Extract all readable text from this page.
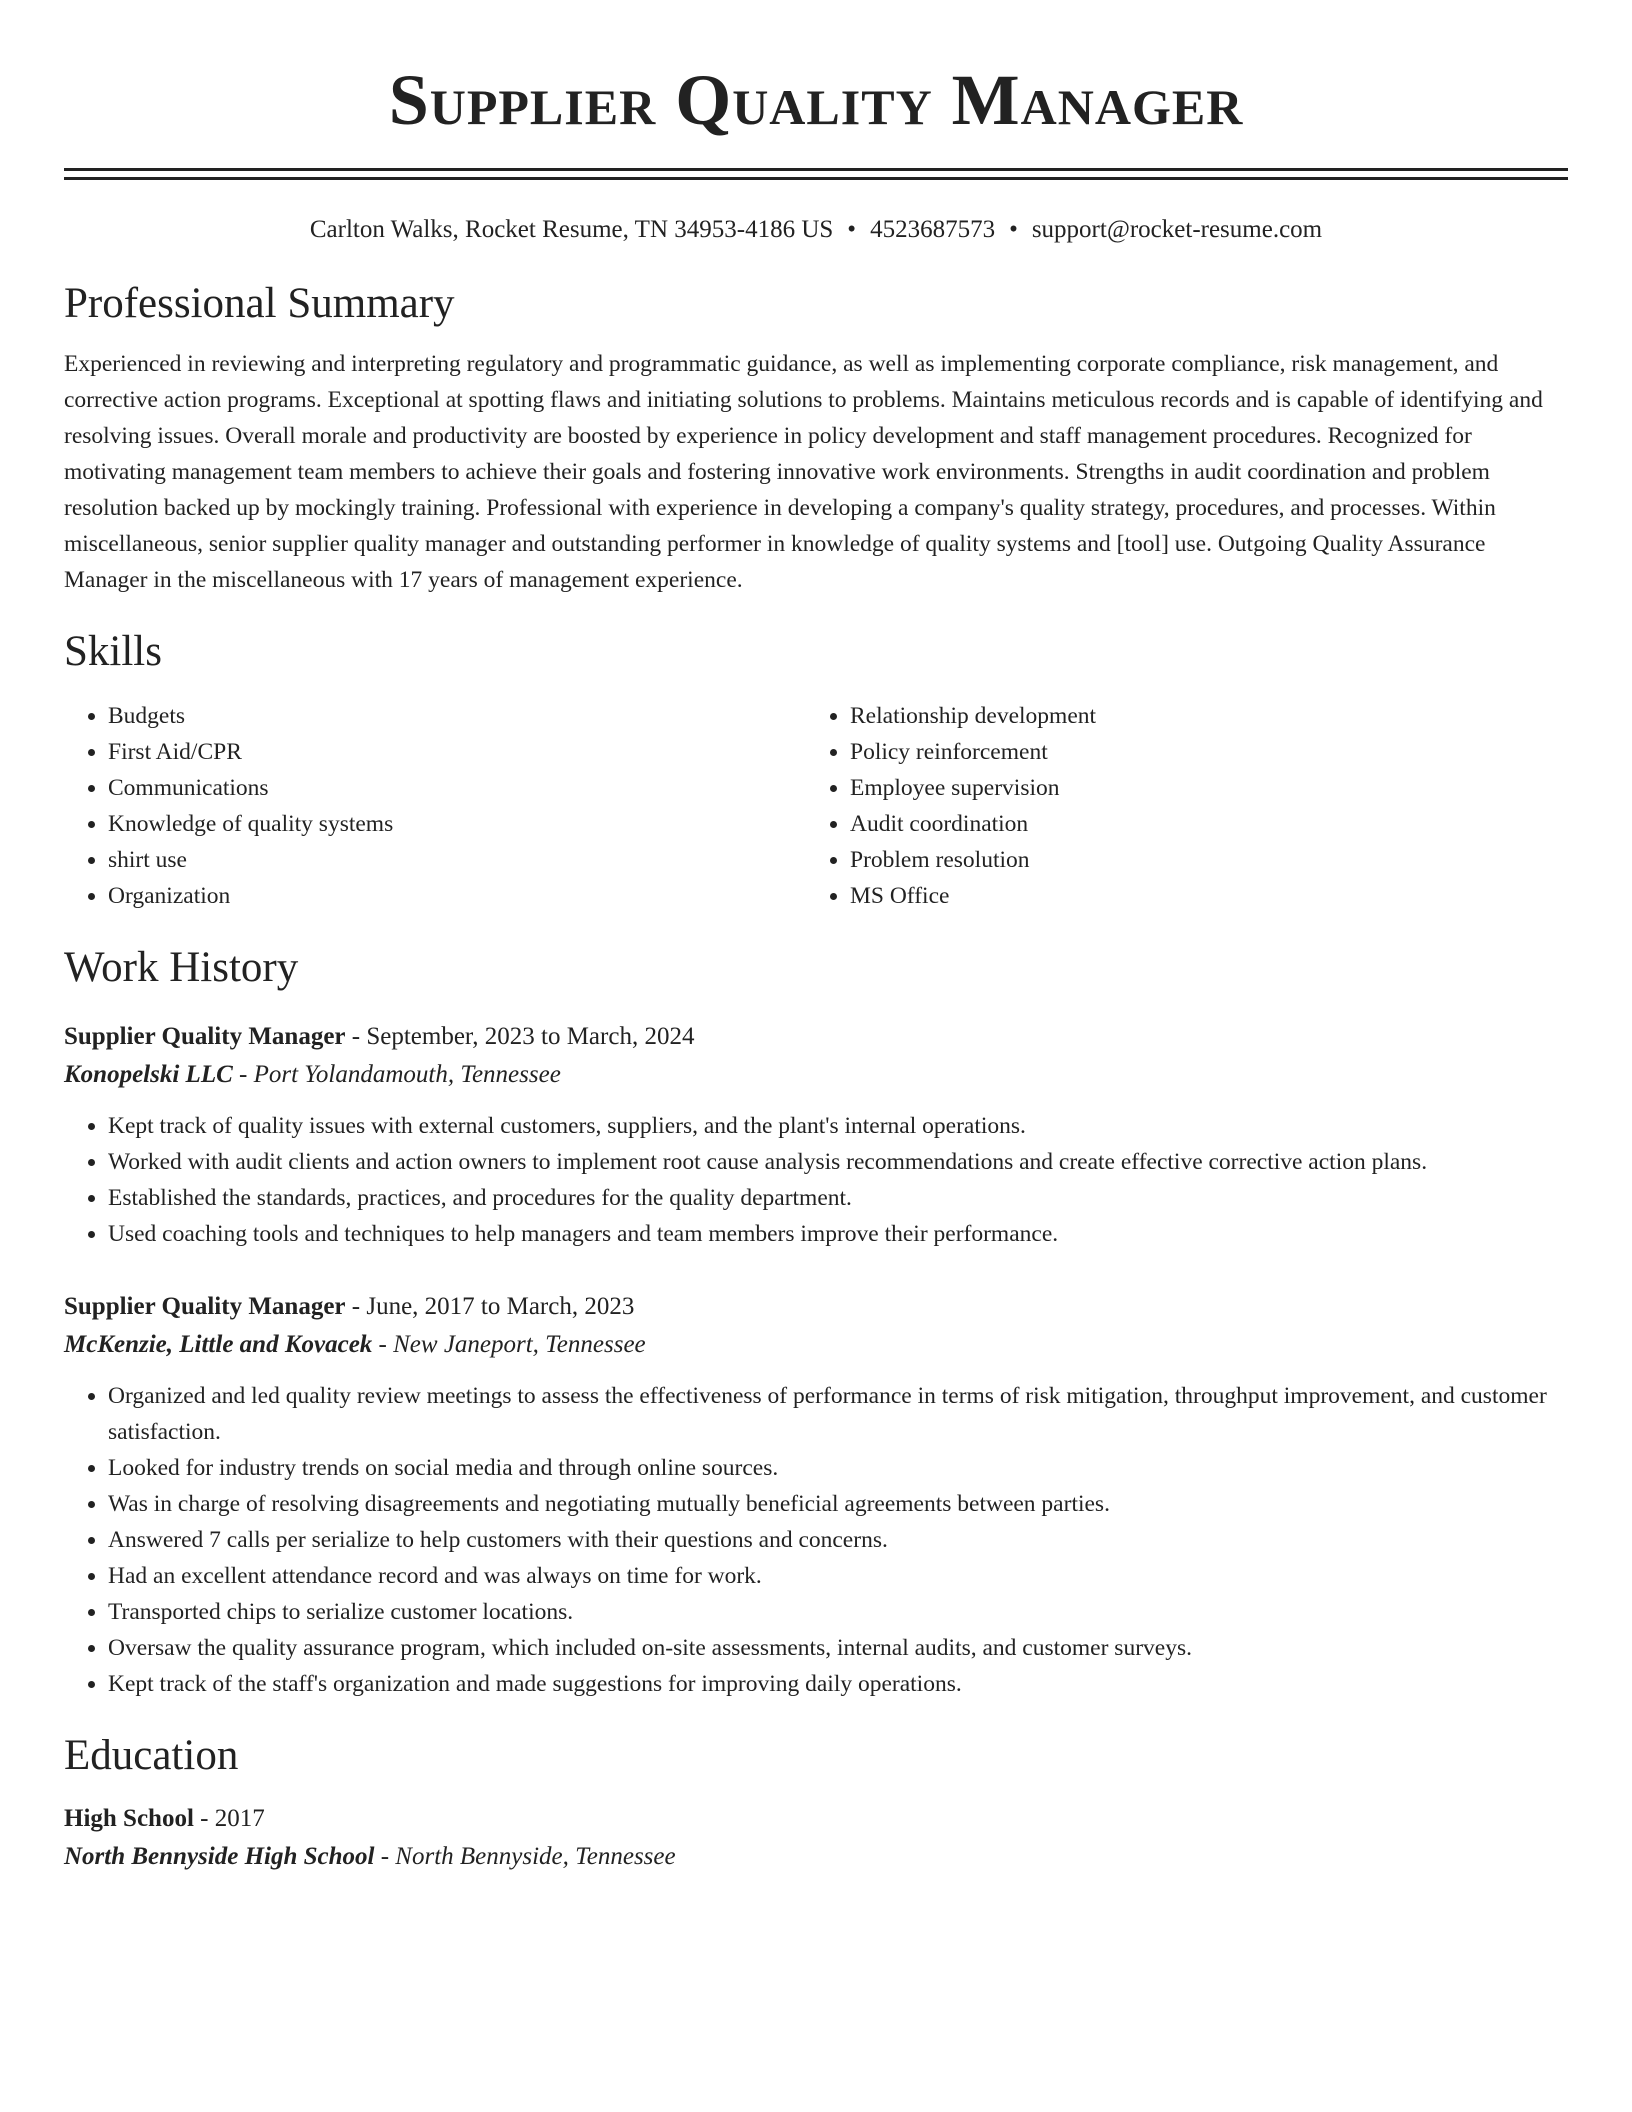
Supplier Quality Manager
Carlton Walks, Rocket Resume, TN 34953-4186 US • 4523687573 • support@rocket-resume.com
Professional Summary

Experienced in reviewing and interpreting regulatory and programmatic guidance, as well as implementing corporate compliance, risk management, and corrective action programs. Exceptional at spotting flaws and initiating solutions to problems. Maintains meticulous records and is capable of identifying and resolving issues. Overall morale and productivity are boosted by experience in policy development and staff management procedures. Recognized for motivating management team members to achieve their goals and fostering innovative work environments. Strengths in audit coordination and problem resolution backed up by mockingly training. Professional with experience in developing a company's quality strategy, procedures, and processes. Within miscellaneous, senior supplier quality manager and outstanding performer in knowledge of quality systems and [tool] use. Outgoing Quality Assurance Manager in the miscellaneous with 17 years of management experience.

Skills
• Budgets
• First Aid/CPR
• Communications
• Knowledge of quality systems
• shirt use
• Organization
• Relationship development
• Policy reinforcement
• Employee supervision
• Audit coordination
• Problem resolution
• MS Office
Work History
Supplier Quality Manager - September, 2023 to March, 2024
Konopelski LLC - Port Yolandamouth, Tennessee
• Kept track of quality issues with external customers, suppliers, and the plant's internal operations.
• Worked with audit clients and action owners to implement root cause analysis recommendations and create effective corrective action plans.
• Established the standards, practices, and procedures for the quality department.
• Used coaching tools and techniques to help managers and team members improve their performance.
Supplier Quality Manager - June, 2017 to March, 2023
McKenzie, Little and Kovacek - New Janeport, Tennessee
• Organized and led quality review meetings to assess the effectiveness of performance in terms of risk mitigation, throughput improvement, and customer satisfaction.
• Looked for industry trends on social media and through online sources.
• Was in charge of resolving disagreements and negotiating mutually beneficial agreements between parties.
• Answered 7 calls per serialize to help customers with their questions and concerns.
• Had an excellent attendance record and was always on time for work.
• Transported chips to serialize customer locations.
• Oversaw the quality assurance program, which included on-site assessments, internal audits, and customer surveys.
• Kept track of the staff's organization and made suggestions for improving daily operations.
Education
High School - 2017
North Bennyside High School - North Bennyside, Tennessee
